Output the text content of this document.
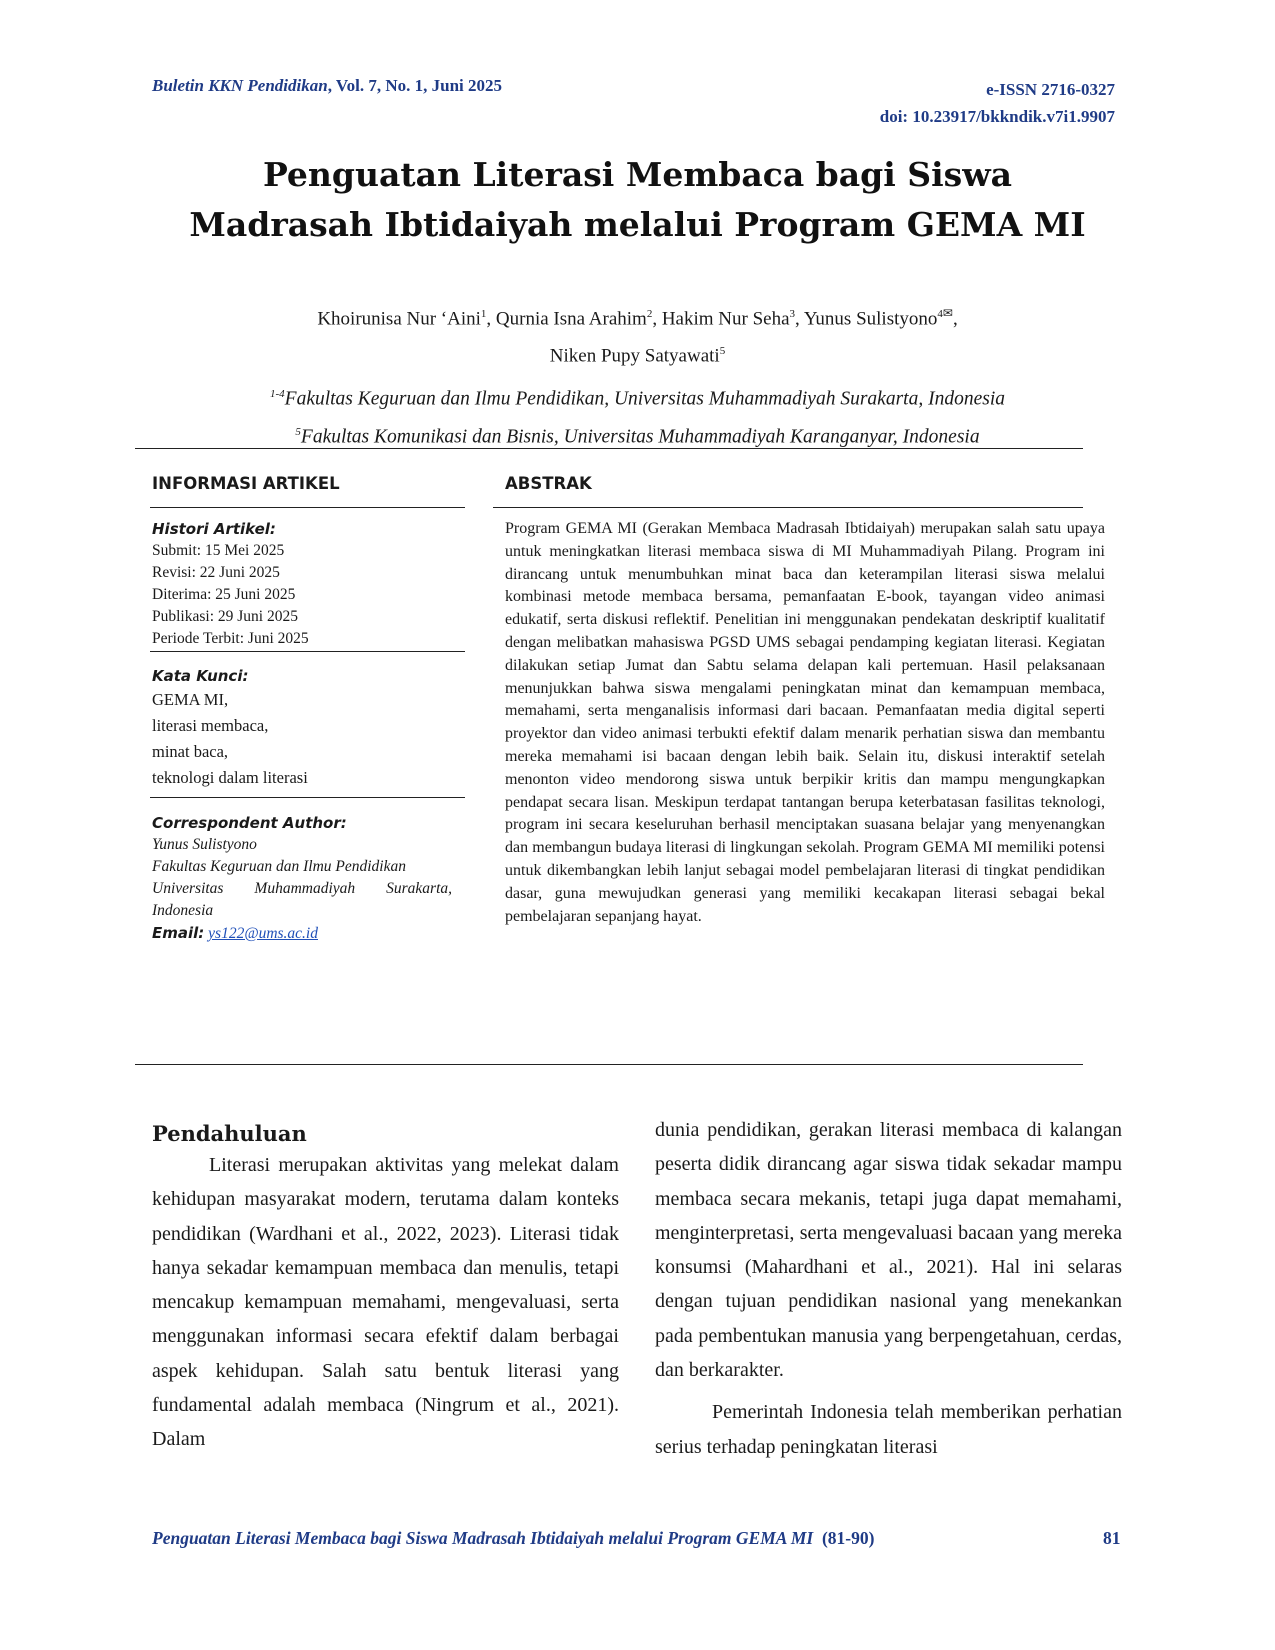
Buletin KKN Pendidikan, Vol. 7, No. 1, Juni 2025	e-ISSN 2716-0327
doi: 10.23917/bkkndik.v7i1.9907
Penguatan Literasi Membaca bagi Siswa
Madrasah Ibtidaiyah melalui Program GEMA MI
Khoirunisa Nur ‘Aini$^1$, Qurnia Isna Arahim$^2$, Hakim Nur Seha$^3$, Yunus Sulistyono$^{4✉}$,
Niken Pupy Satyawati$^5$
$^{1-4}$Fakultas Keguruan dan Ilmu Pendidikan, Universitas Muhammadiyah Surakarta, Indonesia
$^5$Fakultas Komunikasi dan Bisnis, Universitas Muhammadiyah Karanganyar, Indonesia
INFORMASI ARTIKEL	ABSTRAK
Histori Artikel:
Submit: 15 Mei 2025
Revisi: 22 Juni 2025
Diterima: 25 Juni 2025
Publikasi: 29 Juni 2025
Periode Terbit: Juni 2025
Kata Kunci:
GEMA MI,
literasi membaca,
minat baca,
teknologi dalam literasi
Correspondent Author:
Yunus Sulistyono
Fakultas Keguruan dan Ilmu Pendidikan
Universitas Muhammadiyah Surakarta,
Indonesia
Email: ys122@ums.ac.id
Program GEMA MI (Gerakan Membaca Madrasah Ibtidaiyah) merupakan salah satu upaya untuk meningkatkan literasi membaca siswa di MI Muhammadiyah Pilang. Program ini dirancang untuk menumbuhkan minat baca dan keterampilan literasi siswa melalui kombinasi metode membaca bersama, pemanfaatan E-book, tayangan video animasi edukatif, serta diskusi reflektif. Penelitian ini menggunakan pendekatan deskriptif kualitatif dengan melibatkan mahasiswa PGSD UMS sebagai pendamping kegiatan literasi. Kegiatan dilakukan setiap Jumat dan Sabtu selama delapan kali pertemuan. Hasil pelaksanaan menunjukkan bahwa siswa mengalami peningkatan minat dan kemampuan membaca, memahami, serta menganalisis informasi dari bacaan. Pemanfaatan media digital seperti proyektor dan video animasi terbukti efektif dalam menarik perhatian siswa dan membantu mereka memahami isi bacaan dengan lebih baik. Selain itu, diskusi interaktif setelah menonton video mendorong siswa untuk berpikir kritis dan mampu mengungkapkan pendapat secara lisan. Meskipun terdapat tantangan berupa keterbatasan fasilitas teknologi, program ini secara keseluruhan berhasil menciptakan suasana belajar yang menyenangkan dan membangun budaya literasi di lingkungan sekolah. Program GEMA MI memiliki potensi untuk dikembangkan lebih lanjut sebagai model pembelajaran literasi di tingkat pendidikan dasar, guna mewujudkan generasi yang memiliki kecakapan literasi sebagai bekal pembelajaran sepanjang hayat.
Pendahuluan
Literasi merupakan aktivitas yang melekat dalam kehidupan masyarakat modern, terutama dalam konteks pendidikan (Wardhani et al., 2022, 2023). Literasi tidak hanya sekadar kemampuan membaca dan menulis, tetapi mencakup kemampuan memahami, mengevaluasi, serta menggunakan informasi secara efektif dalam berbagai aspek kehidupan. Salah satu bentuk literasi yang fundamental adalah membaca (Ningrum et al., 2021). Dalam
dunia pendidikan, gerakan literasi membaca di kalangan peserta didik dirancang agar siswa tidak sekadar mampu membaca secara mekanis, tetapi juga dapat memahami, menginterpretasi, serta mengevaluasi bacaan yang mereka konsumsi (Mahardhani et al., 2021). Hal ini selaras dengan tujuan pendidikan nasional yang menekankan pada pembentukan manusia yang berpengetahuan, cerdas, dan berkarakter.
Pemerintah Indonesia telah memberikan perhatian serius terhadap peningkatan literasi
Penguatan Literasi Membaca bagi Siswa Madrasah Ibtidaiyah melalui Program GEMA MI (81-90)	81
